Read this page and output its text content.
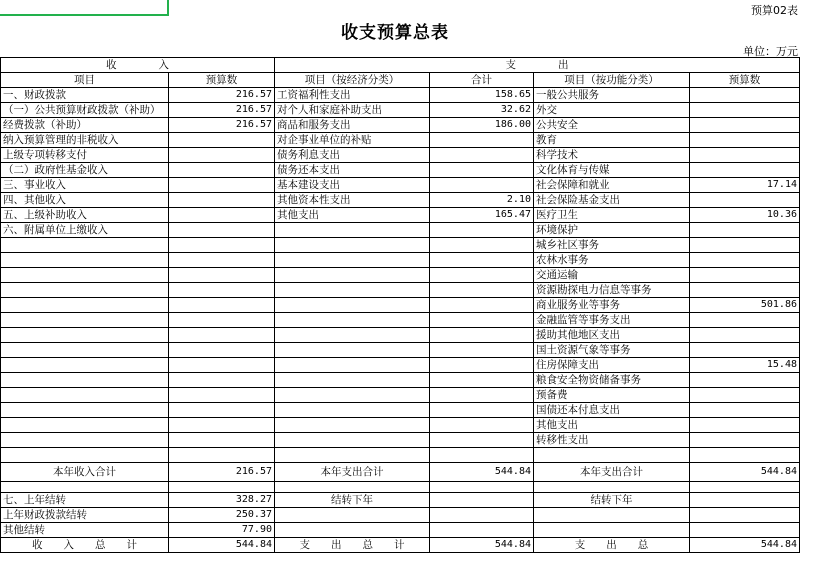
预算02表
收支预算总表
单位：万元
收　　　　入		支　　　　出			
项目	预算数	项目（按经济分类）	合计	项目（按功能分类）	预算数
一、财政拨款	216.57	工资福利性支出	158.65	一般公共服务	
（一）公共预算财政拨款（补助）	216.57	对个人和家庭补助支出	32.62	外交	
经费拨款（补助）	216.57	商品和服务支出	186.00	公共安全	
纳入预算管理的非税收入		对企事业单位的补贴		教育	
上级专项转移支付		债务利息支出		科学技术	
（二）政府性基金收入		债务还本支出		文化体育与传媒	
三、事业收入		基本建设支出		社会保障和就业	17.14
四、其他收入		其他资本性支出	2.10	社会保险基金支出	
五、上级补助收入		其他支出	165.47	医疗卫生	10.36
六、附属单位上缴收入				环境保护	
				城乡社区事务	
				农林水事务	
				交通运输	
				资源勘探电力信息等事务	
				商业服务业等事务	501.86
				金融监管等事务支出	
				援助其他地区支出	
				国土资源气象等事务	
				住房保障支出	15.48
				粮食安全物资储备事务	
				预备费	
				国债还本付息支出	
				其他支出	
				转移性支出	

本年收入合计	216.57	本年支出合计	544.84	本年支出合计	544.84

七、上年结转	328.27	结转下年		结转下年	
上年财政拨款结转	250.37				
其他结转	77.90				
收　　入　　总　　计	544.84	支　　出　　总　　计	544.84	支　　出　　总	544.84
